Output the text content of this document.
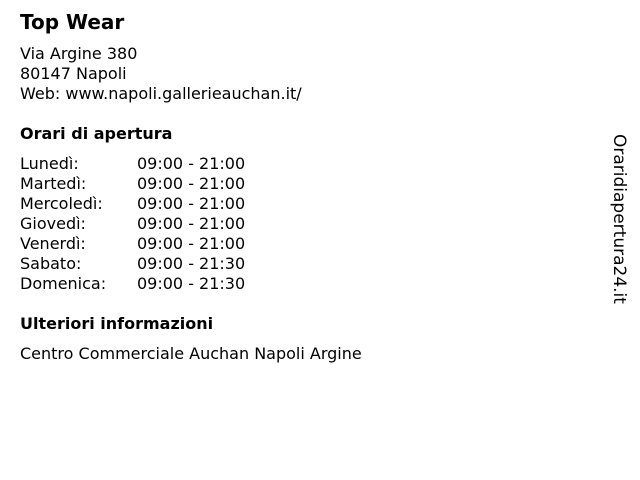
Top Wear
Via Argine 380
80147 Napoli
Web: www.napoli.gallerieauchan.it/
Orari di apertura
Lunedì:	09:00 - 21:00
Martedì:	09:00 - 21:00
Mercoledì:	09:00 - 21:00
Giovedì:	09:00 - 21:00
Venerdì:	09:00 - 21:00
Sabato:	09:00 - 21:30
Domenica:	09:00 - 21:30
Ulteriori informazioni
Centro Commerciale Auchan Napoli Argine
Oraridiapertura24.it
